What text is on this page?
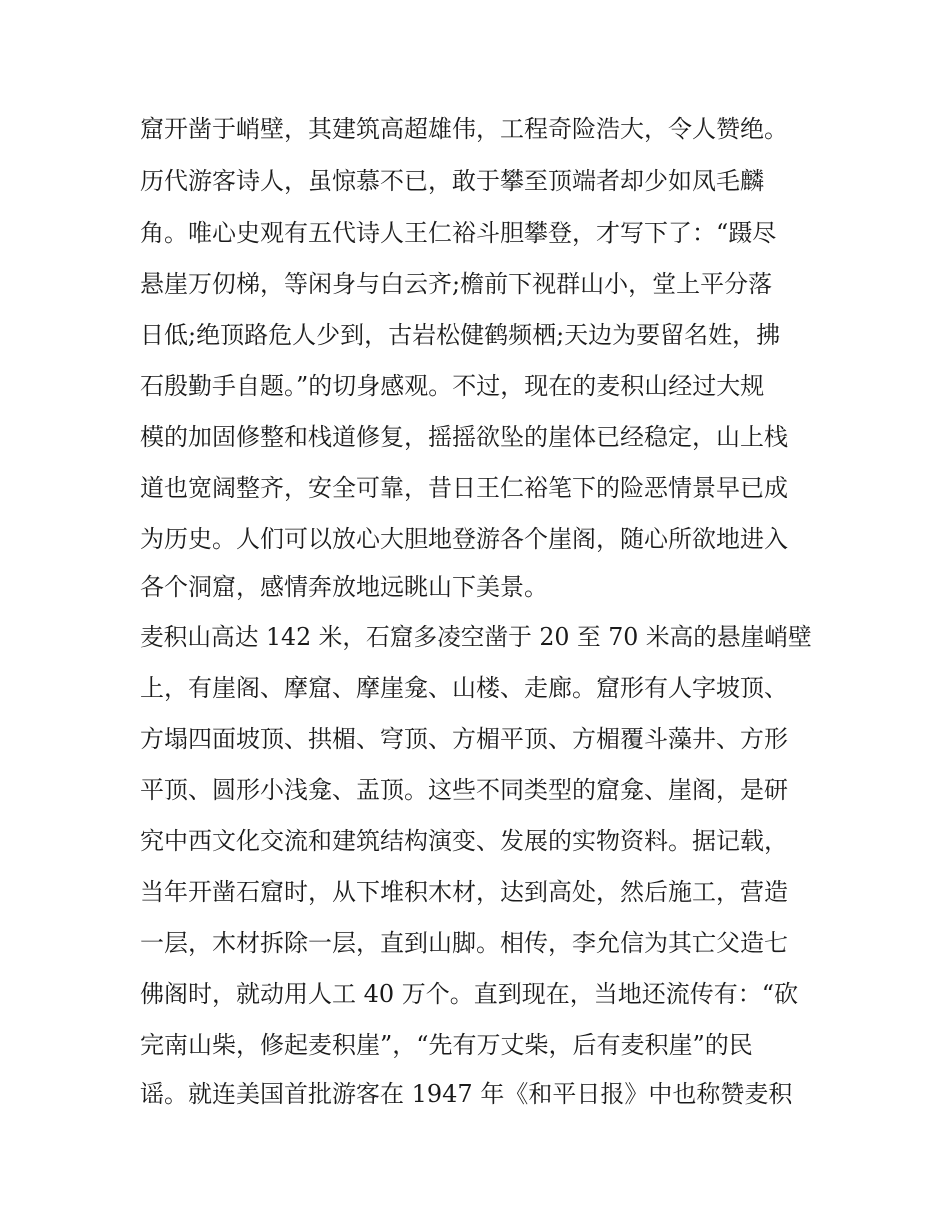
窟开凿于峭壁，其建筑高超雄伟，工程奇险浩大，令人赞绝。
历代游客诗人，虽惊慕不已，敢于攀至顶端者却少如凤毛麟
角。唯心史观有五代诗人王仁裕斗胆攀登，才写下了：“蹑尽
悬崖万仞梯，等闲身与白云齐;檐前下视群山小，堂上平分落
日低;绝顶路危人少到，古岩松健鹤频栖;天边为要留名姓，拂
石殷勤手自题。”的切身感观。不过，现在的麦积山经过大规
模的加固修整和栈道修复，摇摇欲坠的崖体已经稳定，山上栈
道也宽阔整齐，安全可靠，昔日王仁裕笔下的险恶情景早已成
为历史。人们可以放心大胆地登游各个崖阁，随心所欲地进入
各个洞窟，感情奔放地远眺山下美景。
麦积山高达 142 米，石窟多凌空凿于 20 至 70 米高的悬崖峭壁
上，有崖阁、摩窟、摩崖龛、山楼、走廊。窟形有人字坡顶、
方塌四面坡顶、拱楣、穹顶、方楣平顶、方楣覆斗藻井、方形
平顶、圆形小浅龛、盂顶。这些不同类型的窟龛、崖阁，是研
究中西文化交流和建筑结构演变、发展的实物资料。据记载，
当年开凿石窟时，从下堆积木材，达到高处，然后施工，营造
一层，木材拆除一层，直到山脚。相传，李允信为其亡父造七
佛阁时，就动用人工 40 万个。直到现在，当地还流传有：“砍
完南山柴，修起麦积崖”，“先有万丈柴，后有麦积崖”的民
谣。就连美国首批游客在 1947 年《和平日报》中也称赞麦积
